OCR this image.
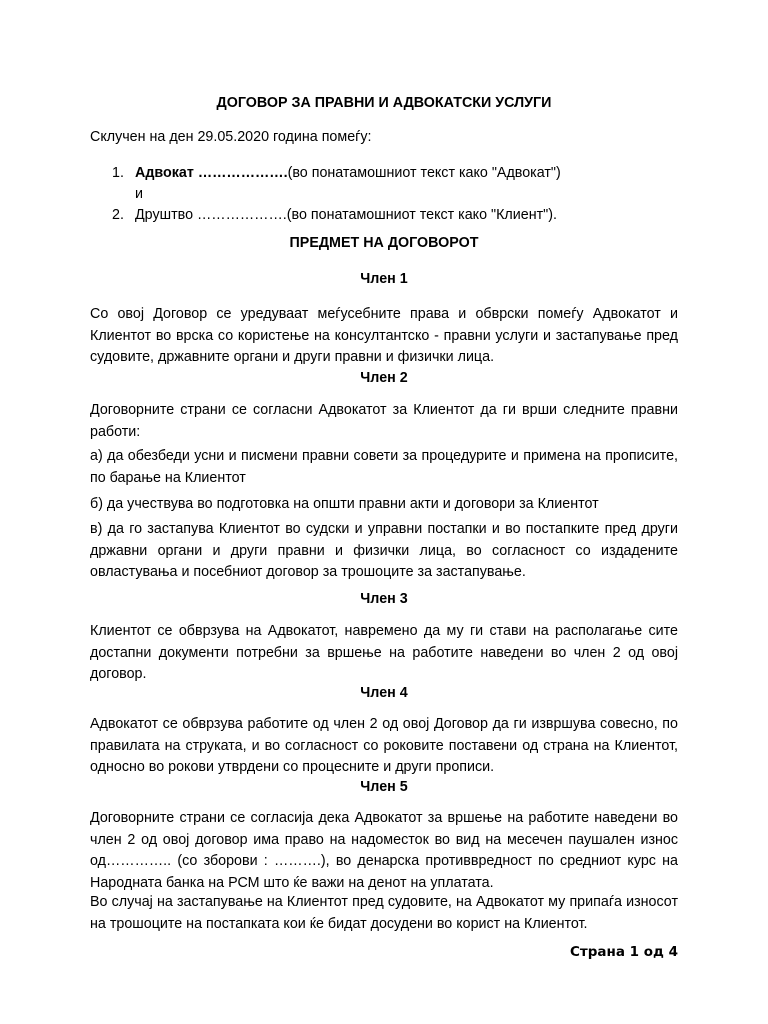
ДОГОВОР ЗА ПРАВНИ И АДВОКАТСКИ УСЛУГИ

Склучен на ден 29.05.2020 година помеѓу:

1. Адвокат ……………….(во понатамошниот текст како "Адвокат")
и
2. Друштво ……………….(во понатамошниот текст како "Клиент").

ПРЕДМЕТ НА ДОГОВОРОТ

Член 1

Со овој Договор се уредуваат меѓусебните права и обврски помеѓу Адвокатот и Клиентот во врска со користење на консултантско - правни услуги и застапување пред судовите, државните органи и други правни и физички лица.

Член 2

Договорните страни се согласни Адвокатот за Клиентот да ги врши следните правни работи:

а) да обезбеди усни и писмени правни совети за процедурите и примена на прописите, по барање на Клиентот

б) да учествува во подготовка на општи правни акти и договори за Клиентот

в) да го застапува Клиентот во судски и управни постапки и во постапките пред други државни органи и други правни и физички лица, во согласност со издадените овластувања и посебниот договор за трошоците за застапување.

Член 3

Клиентот се обврзува на Адвокатот, навремено да му ги стави на располагање сите достапни документи потребни за вршење на работите наведени во член 2 од овој договор.

Член 4

Адвокатот се обврзува работите од член 2 од овој Договор да ги извршува совесно, по правилата на струката, и во согласност со роковите поставени од страна на Клиентот, односно во рокови утврдени со процесните и други прописи.

Член 5

Договорните страни се согласија дека Адвокатот за вршење на работите наведени во член 2 од овој договор има право на надоместок во вид на месечен паушален износ од………….. (со зборови : ……….), во денарска противвредност по средниот курс на Народната банка на РСМ што ќе важи на денот на уплатата.

Во случај на застапување на Клиентот пред судовите, на Адвокатот му припаѓа износот на трошоците на постапката кои ќе бидат досудени во корист на Клиентот.

Страна 1 од 4
